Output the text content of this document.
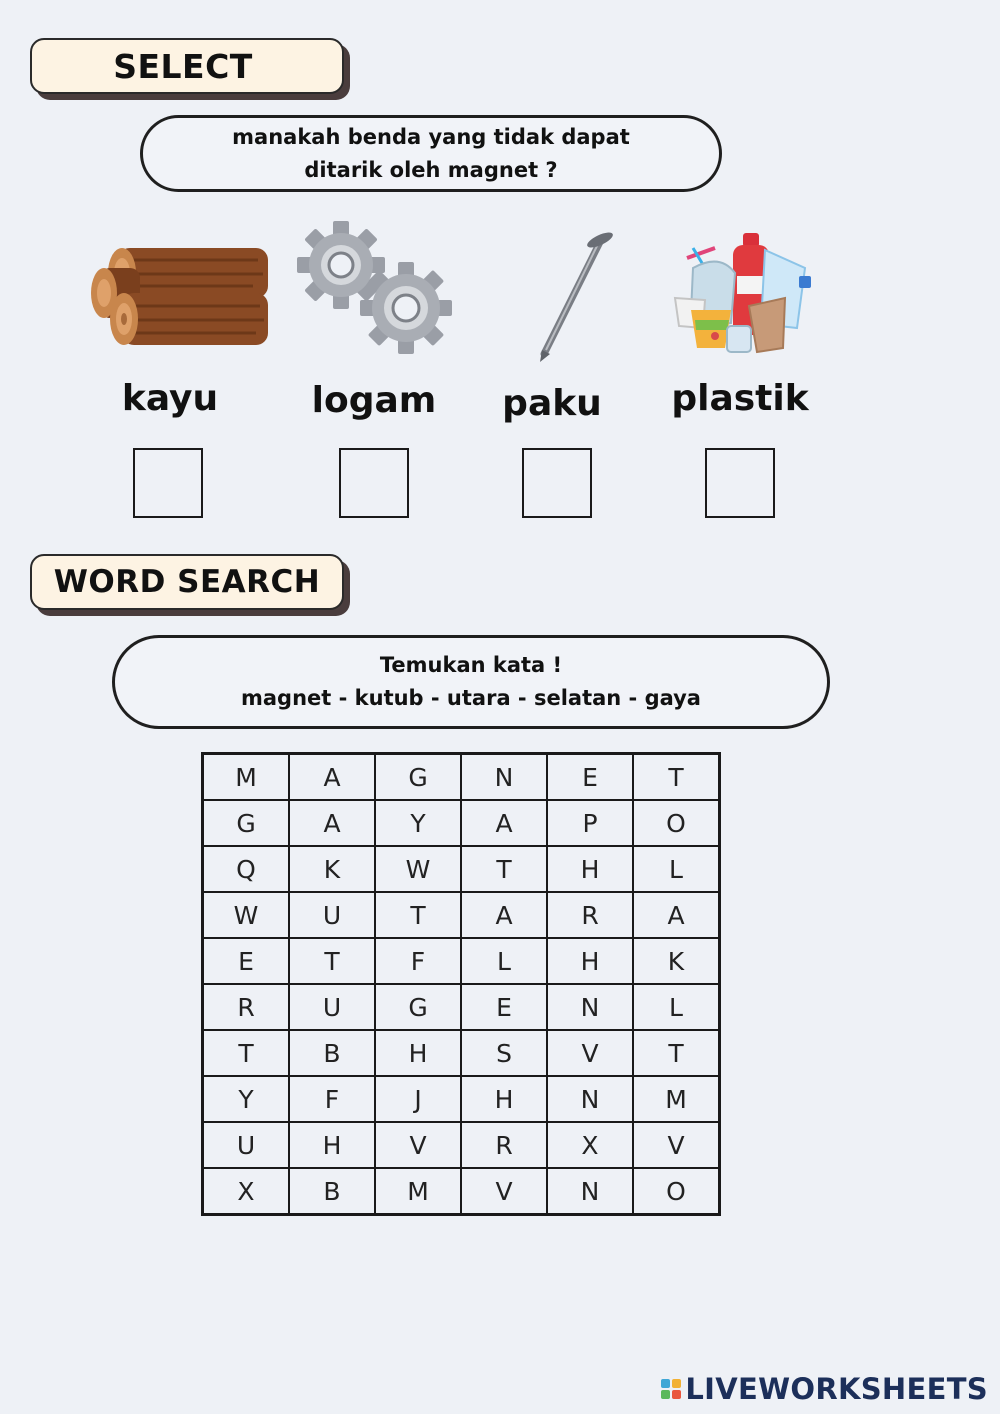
SELECT
manakah benda yang tidak dapat
ditarik oleh magnet ?
kayu	logam	paku	plastik
WORD SEARCH
Temukan kata !
magnet - kutub - utara - selatan - gaya
M	A	G	N	E	T
G	A	Y	A	P	O
Q	K	W	T	H	L
W	U	T	A	R	A
E	T	F	L	H	K
R	U	G	E	N	L
T	B	H	S	V	T
Y	F	J	H	N	M
U	H	V	R	X	V
X	B	M	V	N	O
LIVEWORKSHEETS
